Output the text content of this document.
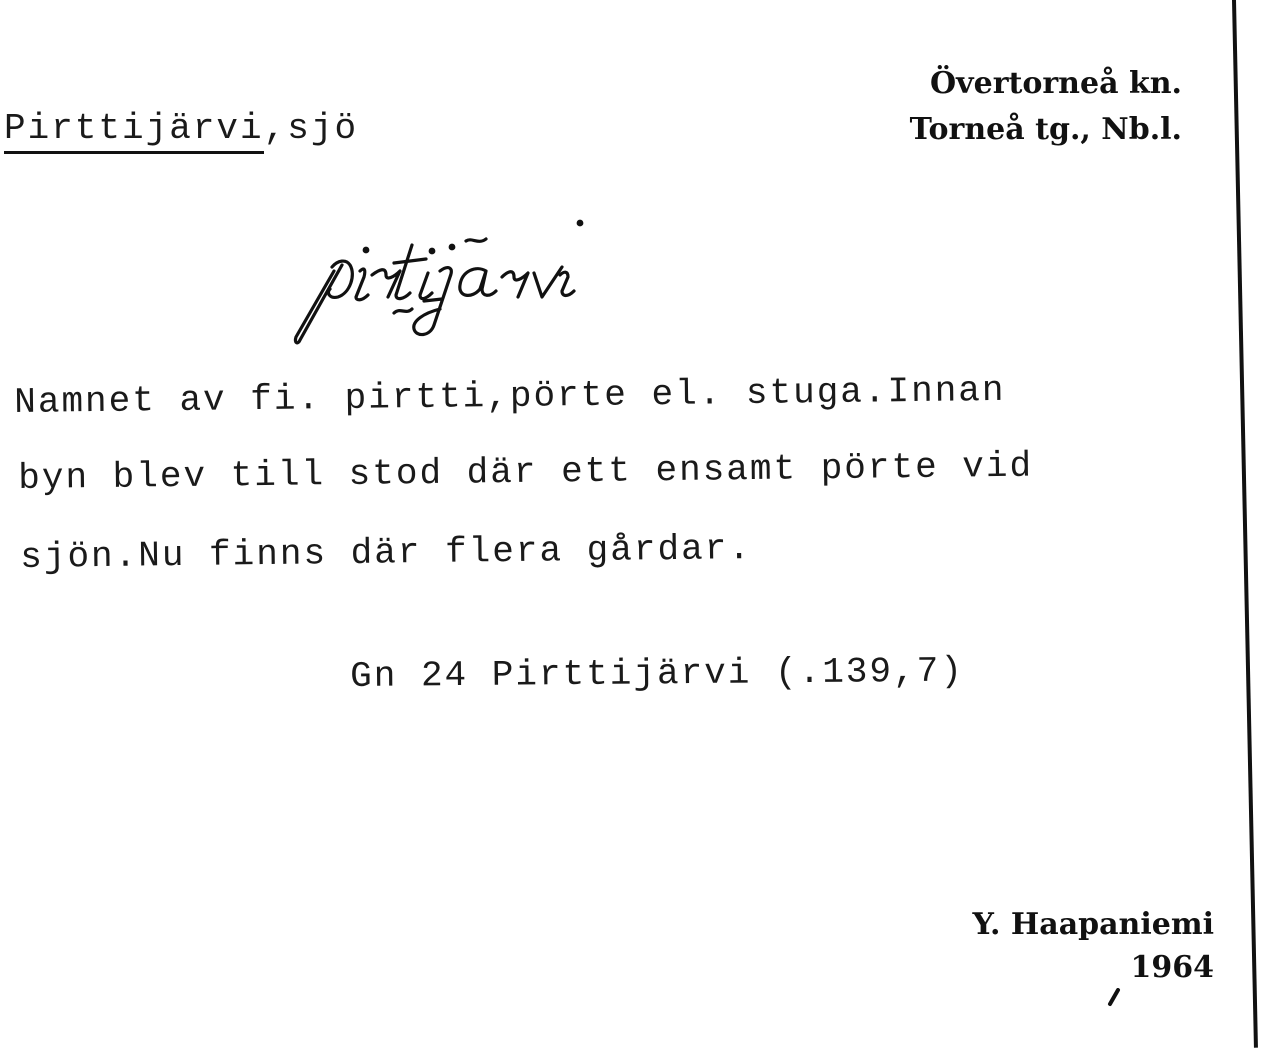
Övertorneå kn.
Torneå tg., Nb.l.
Pirttijärvi,sjö
pirtijärvi
Namnet av fi. pirtti,pörte el. stuga.Innan
byn blev till stod där ett ensamt pörte vid
sjön.Nu finns där flera gårdar.
Gn 24 Pirttijärvi (.139,7)
Y. Haapaniemi
1964
